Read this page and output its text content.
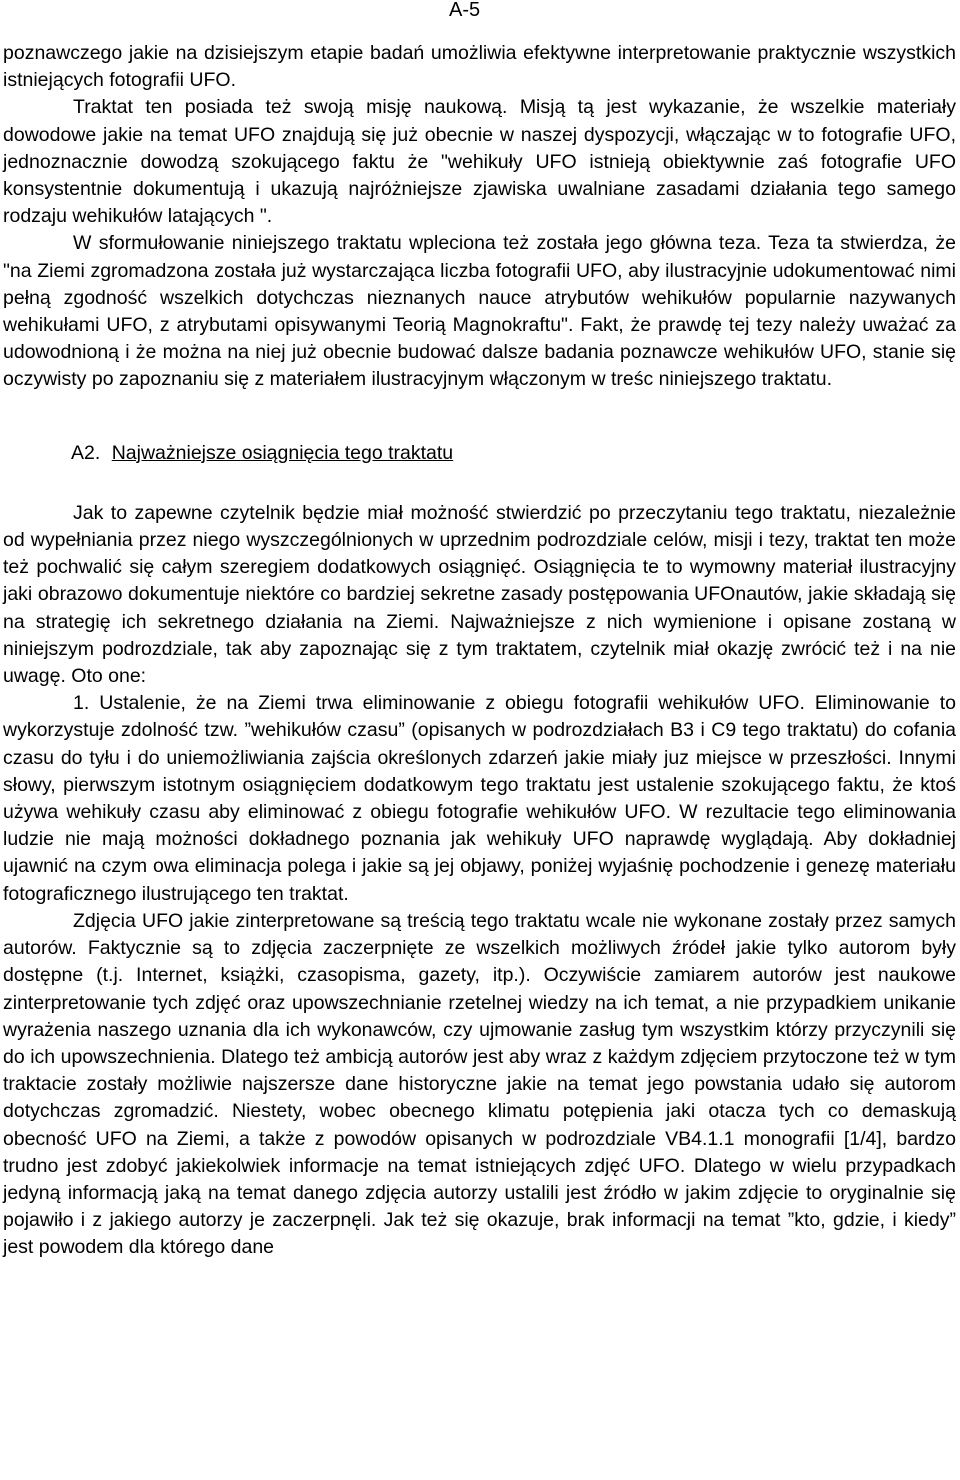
A-5

poznawczego jakie na dzisiejszym etapie badań umożliwia efektywne interpretowanie praktycznie wszystkich istniejących fotografii UFO.

Traktat ten posiada też swoją misję naukową. Misją tą jest wykazanie, że wszelkie materiały dowodowe jakie na temat UFO znajdują się już obecnie w naszej dyspozycji, włączając w to fotografie UFO, jednoznacznie dowodzą szokującego faktu że "wehikuły UFO istnieją obiektywnie zaś fotografie UFO konsystentnie dokumentują i ukazują najróżniejsze zjawiska uwalniane zasadami działania tego samego rodzaju wehikułów latających ".

W sformułowanie niniejszego traktatu wpleciona też została jego główna teza. Teza ta stwierdza, że "na Ziemi zgromadzona została już wystarczająca liczba fotografii UFO, aby ilustracyjnie udokumentować nimi pełną zgodność wszelkich dotychczas nieznanych nauce atrybutów wehikułów popularnie nazywanych wehikułami UFO, z atrybutami opisywanymi Teorią Magnokraftu". Fakt, że prawdę tej tezy należy uważać za udowodnioną i że można na niej już obecnie budować dalsze badania poznawcze wehikułów UFO, stanie się oczywisty po zapoznaniu się z materiałem ilustracyjnym włączonym w treśc niniejszego traktatu.

A2. Najważniejsze osiągnięcia tego traktatu

Jak to zapewne czytelnik będzie miał możność stwierdzić po przeczytaniu tego traktatu, niezależnie od wypełniania przez niego wyszczególnionych w uprzednim podrozdziale celów, misji i tezy, traktat ten może też pochwalić się całym szeregiem dodatkowych osiągnięć. Osiągnięcia te to wymowny materiał ilustracyjny jaki obrazowo dokumentuje niektóre co bardziej sekretne zasady postępowania UFOnautów, jakie składają się na strategię ich sekretnego działania na Ziemi. Najważniejsze z nich wymienione i opisane zostaną w niniejszym podrozdziale, tak aby zapoznając się z tym traktatem, czytelnik miał okazję zwrócić też i na nie uwagę. Oto one:

1. Ustalenie, że na Ziemi trwa eliminowanie z obiegu fotografii wehikułów UFO. Eliminowanie to wykorzystuje zdolność tzw. ”wehikułów czasu” (opisanych w podrozdziałach B3 i C9 tego traktatu) do cofania czasu do tyłu i do uniemożliwiania zajścia określonych zdarzeń jakie miały juz miejsce w przeszłości. Innymi słowy, pierwszym istotnym osiągnięciem dodatkowym tego traktatu jest ustalenie szokującego faktu, że ktoś używa wehikuły czasu aby eliminować z obiegu fotografie wehikułów UFO. W rezultacie tego eliminowania ludzie nie mają możności dokładnego poznania jak wehikuły UFO naprawdę wyglądają. Aby dokładniej ujawnić na czym owa eliminacja polega i jakie są jej objawy, poniżej wyjaśnię pochodzenie i genezę materiału fotograficznego ilustrującego ten traktat.

Zdjęcia UFO jakie zinterpretowane są treścią tego traktatu wcale nie wykonane zostały przez samych autorów. Faktycznie są to zdjęcia zaczerpnięte ze wszelkich możliwych źródeł jakie tylko autorom były dostępne (t.j. Internet, książki, czasopisma, gazety, itp.). Oczywiście zamiarem autorów jest naukowe zinterpretowanie tych zdjęć oraz upowszechnianie rzetelnej wiedzy na ich temat, a nie przypadkiem unikanie wyrażenia naszego uznania dla ich wykonawców, czy ujmowanie zasług tym wszystkim którzy przyczynili się do ich upowszechnienia. Dlatego też ambicją autorów jest aby wraz z każdym zdjęciem przytoczone też w tym traktacie zostały możliwie najszersze dane historyczne jakie na temat jego powstania udało się autorom dotychczas zgromadzić. Niestety, wobec obecnego klimatu potępienia jaki otacza tych co demaskują obecność UFO na Ziemi, a także z powodów opisanych w podrozdziale VB4.1.1 monografii [1/4], bardzo trudno jest zdobyć jakiekolwiek informacje na temat istniejących zdjęć UFO. Dlatego w wielu przypadkach jedyną informacją jaką na temat danego zdjęcia autorzy ustalili jest źródło w jakim zdjęcie to oryginalnie się pojawiło i z jakiego autorzy je zaczerpnęli. Jak też się okazuje, brak informacji na temat ”kto, gdzie, i kiedy” jest powodem dla którego dane
